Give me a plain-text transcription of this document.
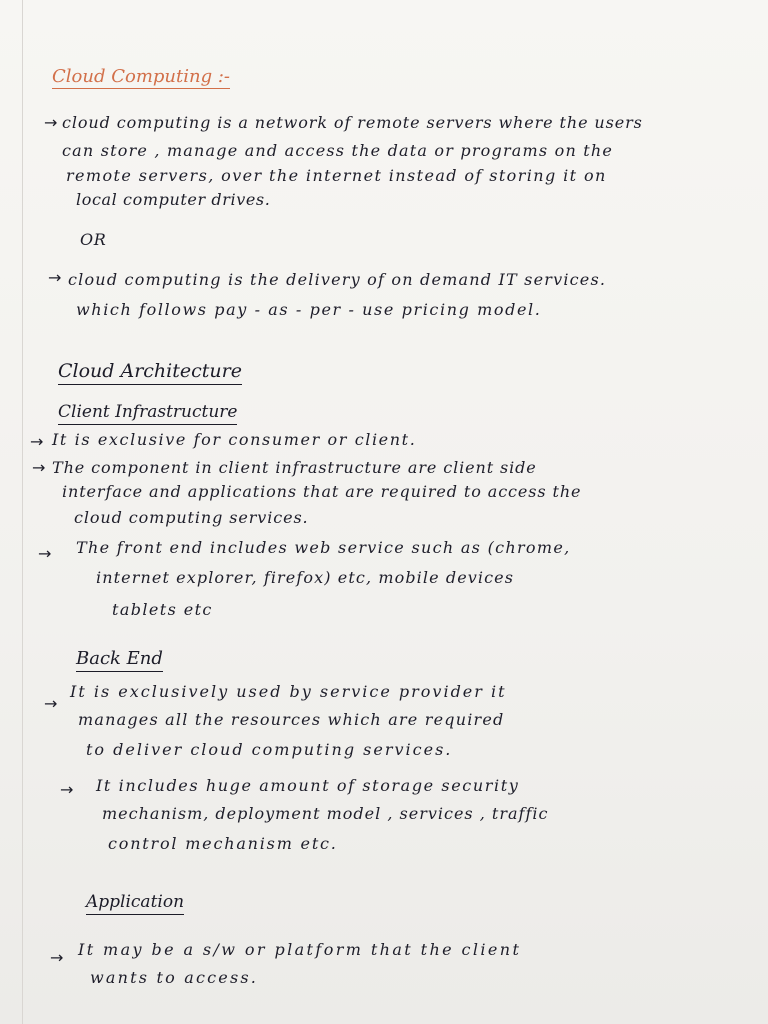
Cloud Computing :-
→ cloud computing is a network of remote servers where the users
can store , manage and access the data or programs on the
remote servers, over the internet instead of storing it on
local computer drives.
OR
→ cloud computing is the delivery of on demand IT services.
which follows pay - as - per - use pricing model.
Cloud Architecture
Client Infrastructure
→ It is exclusive for consumer or client.
→ The component in client infrastructure are client side
interface and applications that are required to access the
cloud computing services.
→ The front end includes web service such as (chrome,
internet explorer, firefox) etc, mobile devices
tablets etc
Back End
→
It is exclusively used by service provider it
manages all the resources which are required
to deliver cloud computing services.
→ It includes huge amount of storage security
mechanism, deployment model , services , traffic
control mechanism etc.
Application
→ It may be a s/w or platform that the client
wants to access.
